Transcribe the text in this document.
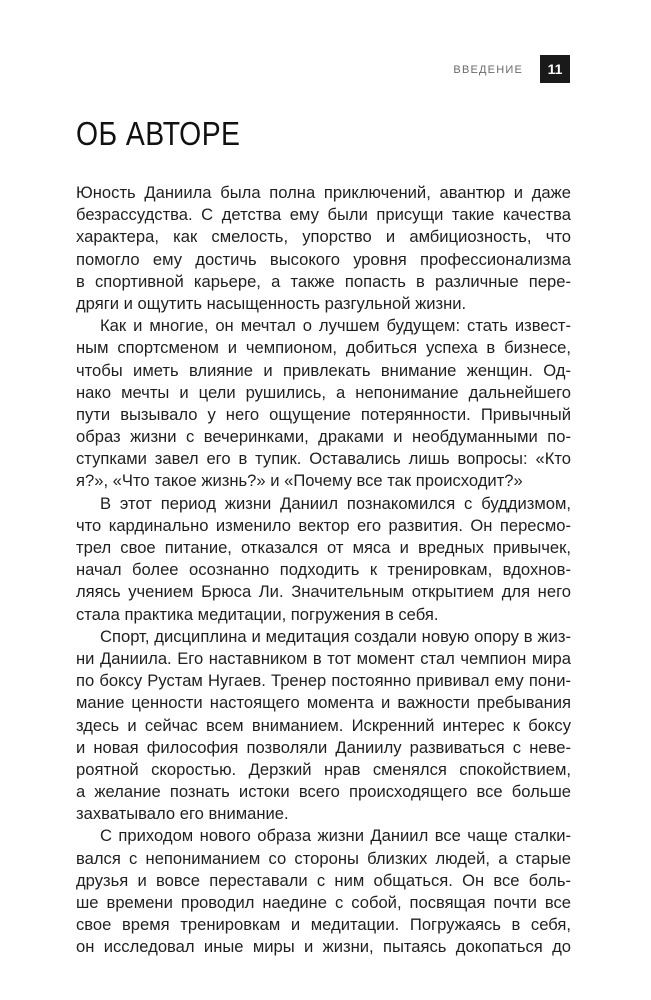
ВВЕДЕНИЕ	11
ОБ АВТОРЕ
Юность Даниила была полна приключений, авантюр и даже
безрассудства. С детства ему были присущи такие качества
характера, как смелость, упорство и амбициозность, что
помогло ему достичь высокого уровня профессионализма
в спортивной карьере, а также попасть в различные пере-
дряги и ощутить насыщенность разгульной жизни.
Как и многие, он мечтал о лучшем будущем: стать извест-
ным спортсменом и чемпионом, добиться успеха в бизнесе,
чтобы иметь влияние и привлекать внимание женщин. Од-
нако мечты и цели рушились, а непонимание дальнейшего
пути вызывало у него ощущение потерянности. Привычный
образ жизни с вечеринками, драками и необдуманными по-
ступками завел его в тупик. Оставались лишь вопросы: «Кто
я?», «Что такое жизнь?» и «Почему все так происходит?»
В этот период жизни Даниил познакомился с буддизмом,
что кардинально изменило вектор его развития. Он пересмо-
трел свое питание, отказался от мяса и вредных привычек,
начал более осознанно подходить к тренировкам, вдохнов-
ляясь учением Брюса Ли. Значительным открытием для него
стала практика медитации, погружения в себя.
Спорт, дисциплина и медитация создали новую опору в жиз-
ни Даниила. Его наставником в тот момент стал чемпион мира
по боксу Рустам Нугаев. Тренер постоянно прививал ему пони-
мание ценности настоящего момента и важности пребывания
здесь и сейчас всем вниманием. Искренний интерес к боксу
и новая философия позволяли Даниилу развиваться с неве-
роятной скоростью. Дерзкий нрав сменялся спокойствием,
а желание познать истоки всего происходящего все больше
захватывало его внимание.
С приходом нового образа жизни Даниил все чаще сталки-
вался с непониманием со стороны близких людей, а старые
друзья и вовсе переставали с ним общаться. Он все боль-
ше времени проводил наедине с собой, посвящая почти все
свое время тренировкам и медитации. Погружаясь в себя,
он исследовал иные миры и жизни, пытаясь докопаться до
